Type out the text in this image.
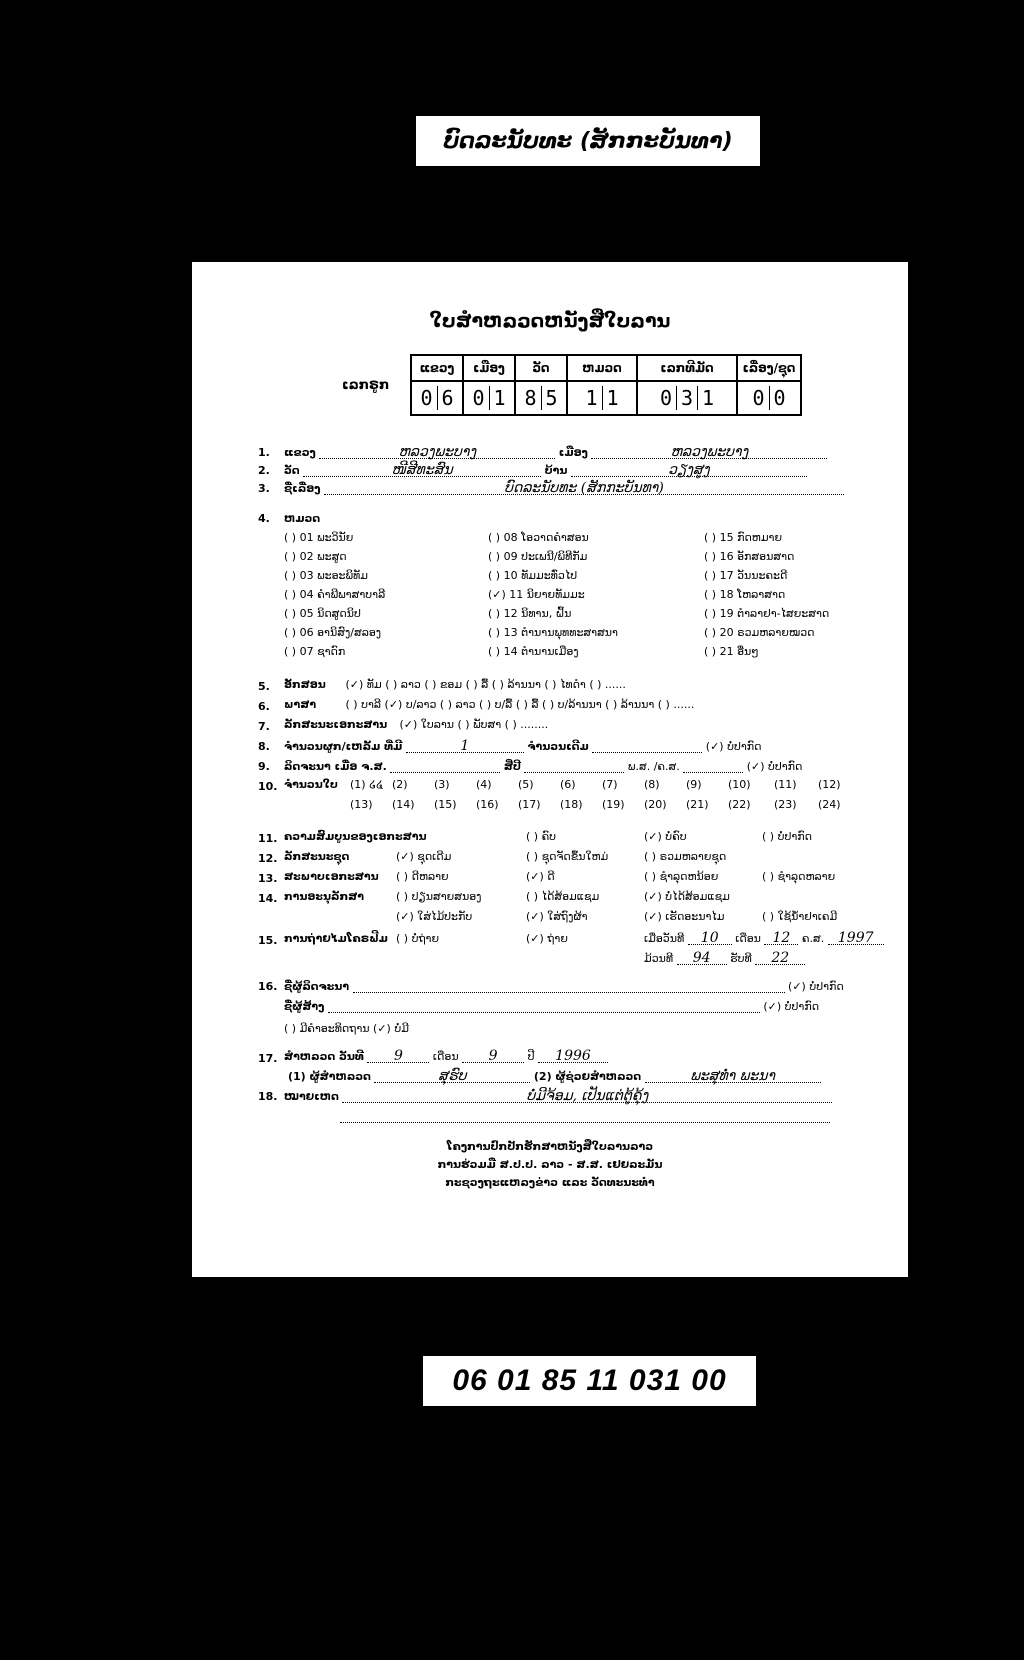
ບົດລະນັບທະ (ສັກກະບັນທາ)
ໃບສຳຫລວດຫນັງສືໃບລານ
ເລກຣູກ
ແຂວງ	ເມືອງ	ວັດ	ຫມວດ	ເລກທີມັດ	ເລື່ອງ/ຊຸດ
0 6	0 1	8 5	1 1	0 3 1	0 0
1. ແຂວງ	ຫລວງພະບາງ	ເມືອງ	ຫລວງພະບາງ
2. ວັດ	ໜີສີທະສົນ	ບ້ານ	ວຽງສູງ
3. ຊື່ເລື່ອງ	ບົດລະນັບທະ (ສັກກະບັນທາ)
4. ຫມວດ
( ) 01 ພະວິນັຍ
( ) 02 ພະສູດ
( ) 03 ພະອະພິທັມ
( ) 04 ຄຳພີພາສາບາລີ
( ) 05 ນິດສູດນິປ
( ) 06 ອານິສົງ/ສລອງ
( ) 07 ຊາດົກ
( ) 08 ໂອວາດຄຳສອນ
( ) 09 ປະເພນີ/ພິທີກັມ
( ) 10 ທັມມະທົ່ວໄປ
(✓) 11 ນິຍາຍທັມມະ
( ) 12 ນິທານ, ຝົ້ນ
( ) 13 ຕຳນານພຸທທະສາສນາ
( ) 14 ຕຳນານເມືອງ
( ) 15 ກົດຫມາຍ
( ) 16 ອັກສອນສາດ
( ) 17 ວັນນະຄະດີ
( ) 18 ໂຫລາສາດ
( ) 19 ຕຳລາຢາ-ໄສຍະສາດ
( ) 20 ຣວມຫລາຍໝວດ
( ) 21 ອື່ນໆ
5. ອັກສອນ (✓) ທັມ ( ) ລາວ ( ) ຂອມ ( ) ລື້ ( ) ລ້ານນາ ( ) ໄທດຳ ( ) ......
6. ພາສາ	( ) ບາລີ (✓) ບ/ລາວ ( ) ລາວ ( ) ບ/ລື້ ( ) ລື້ ( ) ບ/ລ້ານນາ ( ) ລ້ານນາ ( ) ......
7. ລັກສະນະເອກະສານ (✓) ໃບລານ ( ) ພັບສາ ( ) ........
8. ຈຳນວນຜູກ/ເຫລັ້ມ ທີ່ມີ	1	ຈຳນວນເດີມ	(✓) ບໍ່ປາກົດ
9. ລິດຈະນາ ເມື່ອ ຈ.ສ.	ສີ່ປີ	ພ.ສ. /ຄ.ສ.	(✓) ບໍ່ປາກົດ
10. ຈຳນວນໃບ (1) ໒໔ (2) (3) (4) (5) (6) (7) (8) (9) (10) (11) (12)
(13) (14) (15) (16) (17) (18) (19) (20) (21) (22) (23) (24)
11. ຄວາມສົມບູນຂອງເອກະສານ	( ) ຄົບ	(✓) ບໍ່ຄົບ	( ) ບໍ່ປາກົດ
12. ລັກສະນະຊຸດ	(✓) ຊຸດເດີມ	( ) ຊຸດຈັດຂຶ້ນໃຫມ່	( ) ຣວມຫລາຍຊຸດ
13. ສະພາບເອກະສານ ( ) ດີຫລາຍ	(✓) ດີ	( ) ຊຳລຸດຫນ້ອຍ	( ) ຊຳລຸດຫລາຍ
14. ການອະນຸລັກສາ	( ) ປຽ່ນສາຍສນອງ	( ) ໄດ້ສ້ອມແຊມ	(✓) ບໍ່ໄດ້ສ້ອມແຊມ
(✓) ໃສ່ໄມ້ປະກັບ	(✓) ໃສ່ຖົງຜ້າ	(✓) ເຮັດອະນາໄມ	( ) ໃຊ້ນ້ຳຢາເຄມີ
15. ການຖ່າຍໄມໂຄຣຟີມ ( ) ບໍ່ຖ່າຍ	(✓) ຖ່າຍ	ເມື່ອວັນທີ 10 ເດືອນ 12 ຄ.ສ. 1997
ມ້ວນທີ 94 ຮັບທີ 22
16. ຊື່ຜູ້ລິດຈະນາ	(✓) ບໍ່ປາກົດ
ຊື່ຜູ້ສ້າງ	(✓) ບໍ່ປາກົດ
( ) ມີຄຳອະທິດຖານ (✓) ບໍ່ມີ
17. ສຳຫລວດ ວັນທີ 9	ເດືອນ 9	ປີ 1996
(1) ຜູ້ສຳຫລວດ	ສຸຮົບ	(2) ຜູ້ຊ່ວຍສຳຫລວດ	ພະສຸທໍ່າ ພະນາ
18. ໝາຍເຫດ	ບໍ່ມີຈ້ອມ, ເປັນແຕ່ຕູ້ຄຸ້ງ
ໂຄງການປົກປັກຮັກສາຫນັງສືໃບລານລາວ
ການຮ່ວມມື ສ.ປ.ປ. ລາວ - ສ.ສ. ເຢຍລະມັນ
ກະຊວງຖະແຫລງຂ່າວ ແລະ ວັດທະນະທຳ
06 01 85 11 031 00
